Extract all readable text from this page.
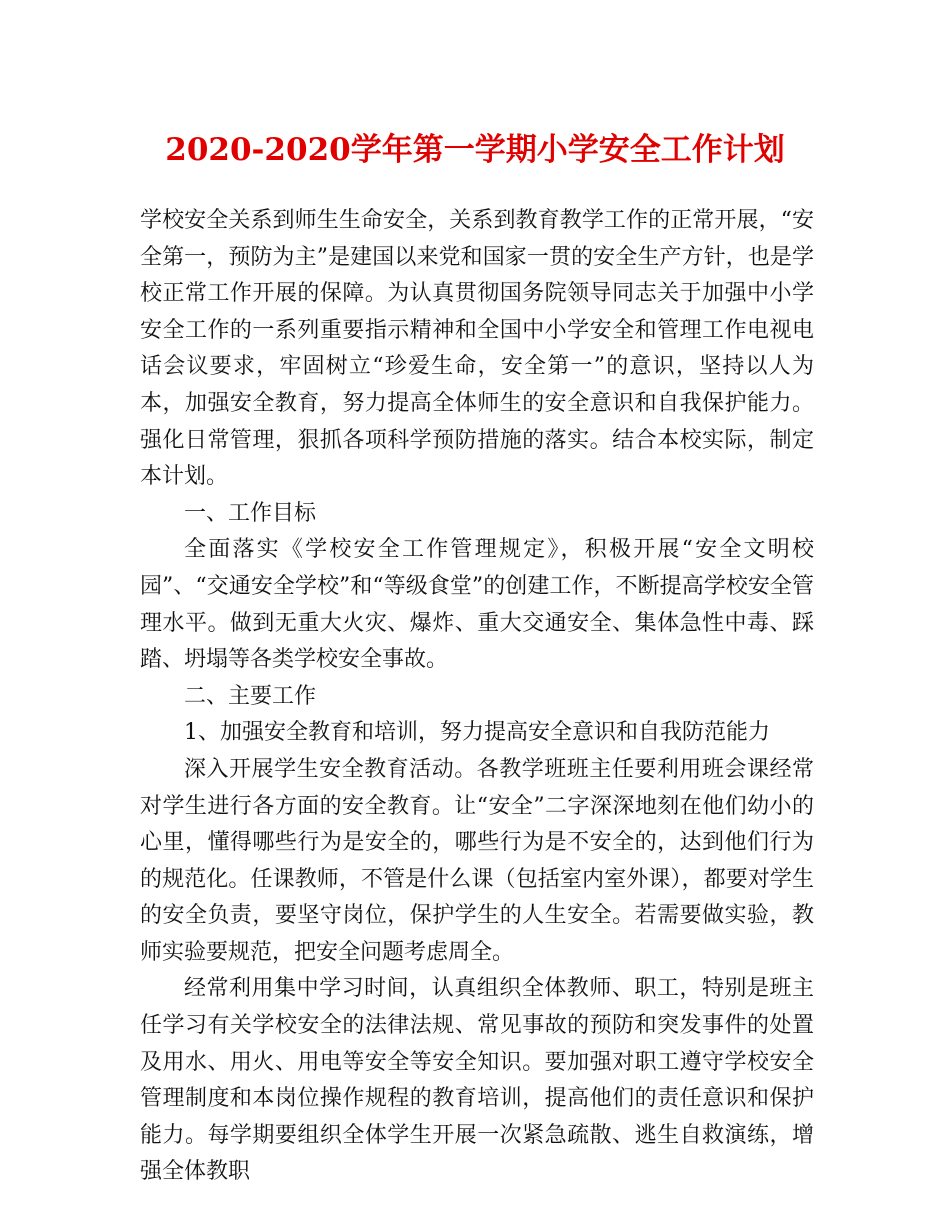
2020-2020学年第一学期小学安全工作计划

学校安全关系到师生生命安全，关系到教育教学工作的正常开展，“安全第一，预防为主”是建国以来党和国家一贯的安全生产方针，也是学校正常工作开展的保障。为认真贯彻国务院领导同志关于加强中小学安全工作的一系列重要指示精神和全国中小学安全和管理工作电视电话会议要求，牢固树立“珍爱生命，安全第一”的意识，坚持以人为本，加强安全教育，努力提高全体师生的安全意识和自我保护能力。强化日常管理，狠抓各项科学预防措施的落实。结合本校实际，制定本计划。

一、工作目标

全面落实《学校安全工作管理规定》，积极开展“安全文明校园”、“交通安全学校”和“等级食堂”的创建工作，不断提高学校安全管理水平。做到无重大火灾、爆炸、重大交通安全、集体急性中毒、踩踏、坍塌等各类学校安全事故。

二、主要工作

1、加强安全教育和培训，努力提高安全意识和自我防范能力

深入开展学生安全教育活动。各教学班班主任要利用班会课经常对学生进行各方面的安全教育。让“安全”二字深深地刻在他们幼小的心里，懂得哪些行为是安全的，哪些行为是不安全的，达到他们行为的规范化。任课教师，不管是什么课（包括室内室外课），都要对学生的安全负责，要坚守岗位，保护学生的人生安全。若需要做实验，教师实验要规范，把安全问题考虑周全。

经常利用集中学习时间，认真组织全体教师、职工，特别是班主任学习有关学校安全的法律法规、常见事故的预防和突发事件的处置及用水、用火、用电等安全等安全知识。要加强对职工遵守学校安全管理制度和本岗位操作规程的教育培训，提高他们的责任意识和保护能力。每学期要组织全体学生开展一次紧急疏散、逃生自救演练，增强全体教职
